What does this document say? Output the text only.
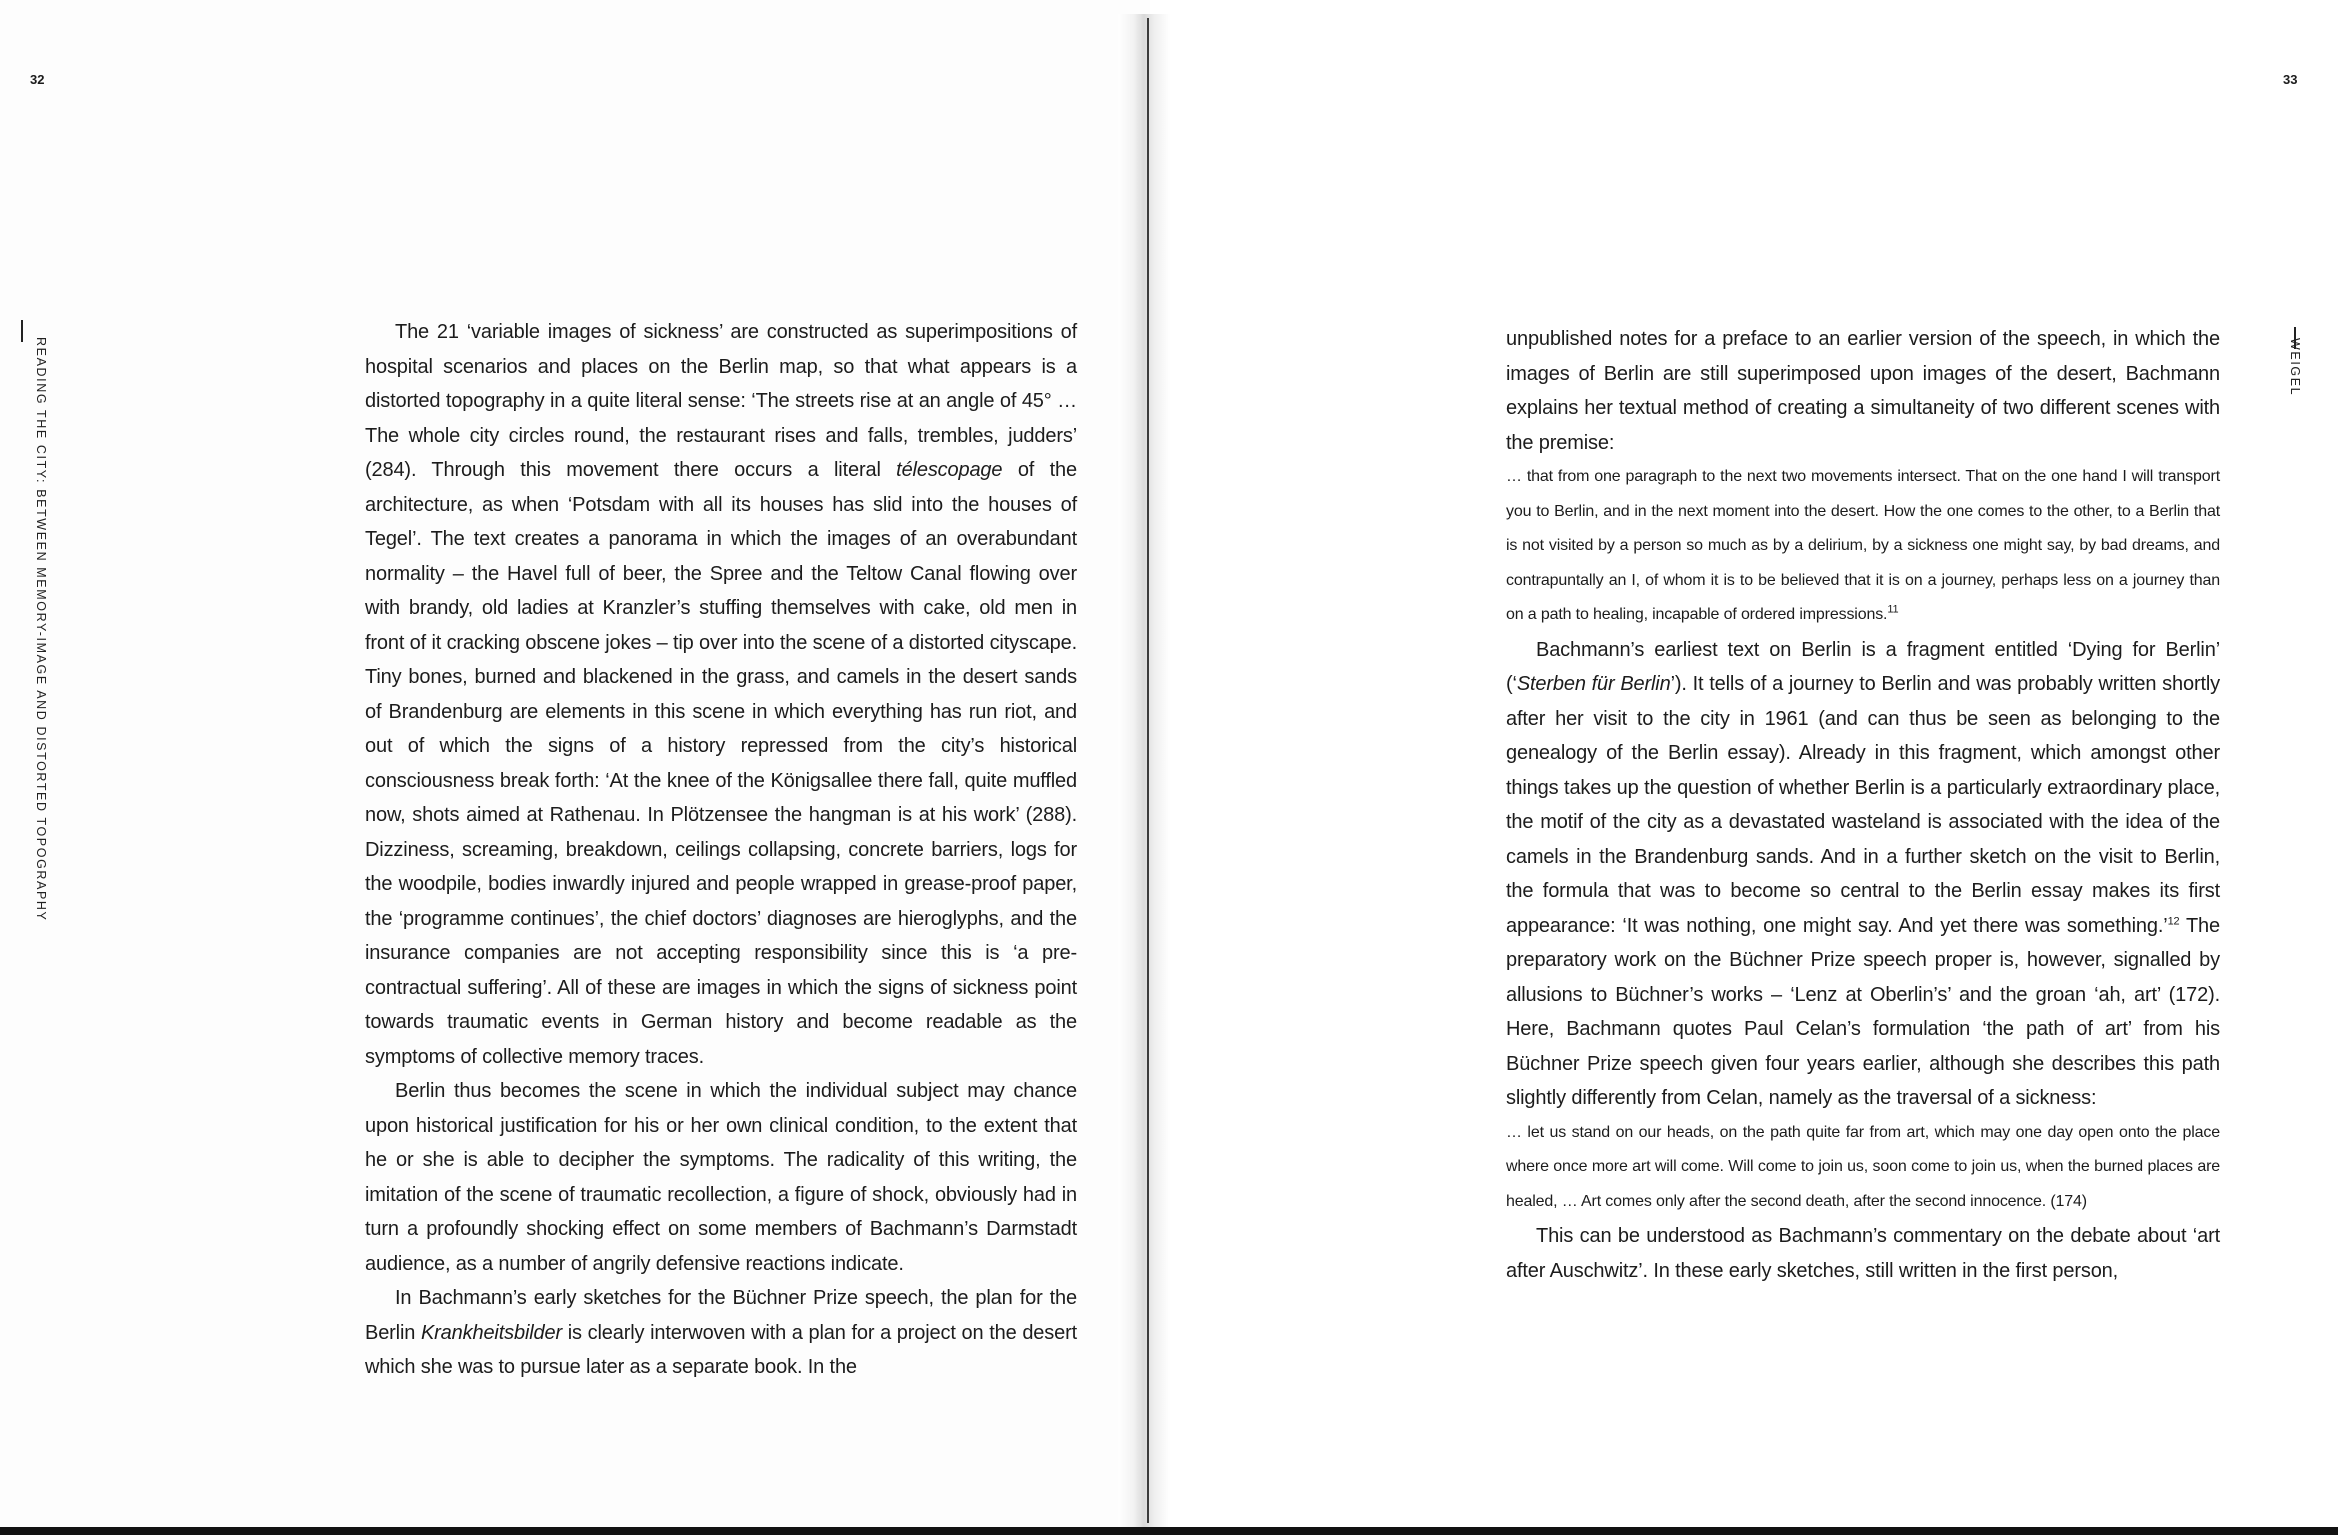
32
READING THE CITY: BETWEEN MEMORY-IMAGE AND DISTORTED TOPOGRAPHY

The 21 ‘variable images of sickness’ are constructed as superimpositions of hospital scenarios and places on the Berlin map, so that what appears is a distorted topography in a quite literal sense: ‘The streets rise at an angle of 45° … The whole city circles round, the restaurant rises and falls, trembles, judders’ (284). Through this movement there occurs a literal télescopage of the architecture, as when ‘Potsdam with all its houses has slid into the houses of Tegel’. The text creates a panorama in which the images of an overabundant normality – the Havel full of beer, the Spree and the Teltow Canal flowing over with brandy, old ladies at Kranzler’s stuffing themselves with cake, old men in front of it cracking obscene jokes – tip over into the scene of a distorted cityscape. Tiny bones, burned and blackened in the grass, and camels in the desert sands of Brandenburg are elements in this scene in which everything has run riot, and out of which the signs of a history repressed from the city’s historical consciousness break forth: ‘At the knee of the Königsallee there fall, quite muffled now, shots aimed at Rathenau. In Plötzensee the hangman is at his work’ (288). Dizziness, screaming, breakdown, ceilings collapsing, concrete barriers, logs for the woodpile, bodies inwardly injured and people wrapped in grease-proof paper, the ‘programme continues’, the chief doctors’ diagnoses are hieroglyphs, and the insurance companies are not accepting responsibility since this is ‘a pre-contractual suffering’. All of these are images in which the signs of sickness point towards traumatic events in German history and become readable as the symptoms of collective memory traces.

Berlin thus becomes the scene in which the individual subject may chance upon historical justification for his or her own clinical condition, to the extent that he or she is able to decipher the symptoms. The radicality of this writing, the imitation of the scene of traumatic recollection, a figure of shock, obviously had in turn a profoundly shocking effect on some members of Bachmann’s Darmstadt audience, as a number of angrily defensive reactions indicate.

In Bachmann’s early sketches for the Büchner Prize speech, the plan for the Berlin Krankheitsbilder is clearly interwoven with a plan for a project on the desert which she was to pursue later as a separate book. In the

33
WEIGEL

unpublished notes for a preface to an earlier version of the speech, in which the images of Berlin are still superimposed upon images of the desert, Bachmann explains her textual method of creating a simultaneity of two different scenes with the premise:

… that from one paragraph to the next two movements intersect. That on the one hand I will transport you to Berlin, and in the next moment into the desert. How the one comes to the other, to a Berlin that is not visited by a person so much as by a delirium, by a sickness one might say, by bad dreams, and contrapuntally an I, of whom it is to be believed that it is on a journey, perhaps less on a journey than on a path to healing, incapable of ordered impressions.$^{11}$

Bachmann’s earliest text on Berlin is a fragment entitled ‘Dying for Berlin’ (‘Sterben für Berlin’). It tells of a journey to Berlin and was probably written shortly after her visit to the city in 1961 (and can thus be seen as belonging to the genealogy of the Berlin essay). Already in this fragment, which amongst other things takes up the question of whether Berlin is a particularly extraordinary place, the motif of the city as a devastated wasteland is associated with the idea of the camels in the Brandenburg sands. And in a further sketch on the visit to Berlin, the formula that was to become so central to the Berlin essay makes its first appearance: ‘It was nothing, one might say. And yet there was something.’$^{12}$ The preparatory work on the Büchner Prize speech proper is, however, signalled by allusions to Büchner’s works – ‘Lenz at Oberlin’s’ and the groan ‘ah, art’ (172). Here, Bachmann quotes Paul Celan’s formulation ‘the path of art’ from his Büchner Prize speech given four years earlier, although she describes this path slightly differently from Celan, namely as the traversal of a sickness:

… let us stand on our heads, on the path quite far from art, which may one day open onto the place where once more art will come. Will come to join us, soon come to join us, when the burned places are healed, … Art comes only after the second death, after the second innocence. (174)

This can be understood as Bachmann’s commentary on the debate about ‘art after Auschwitz’. In these early sketches, still written in the first person,
